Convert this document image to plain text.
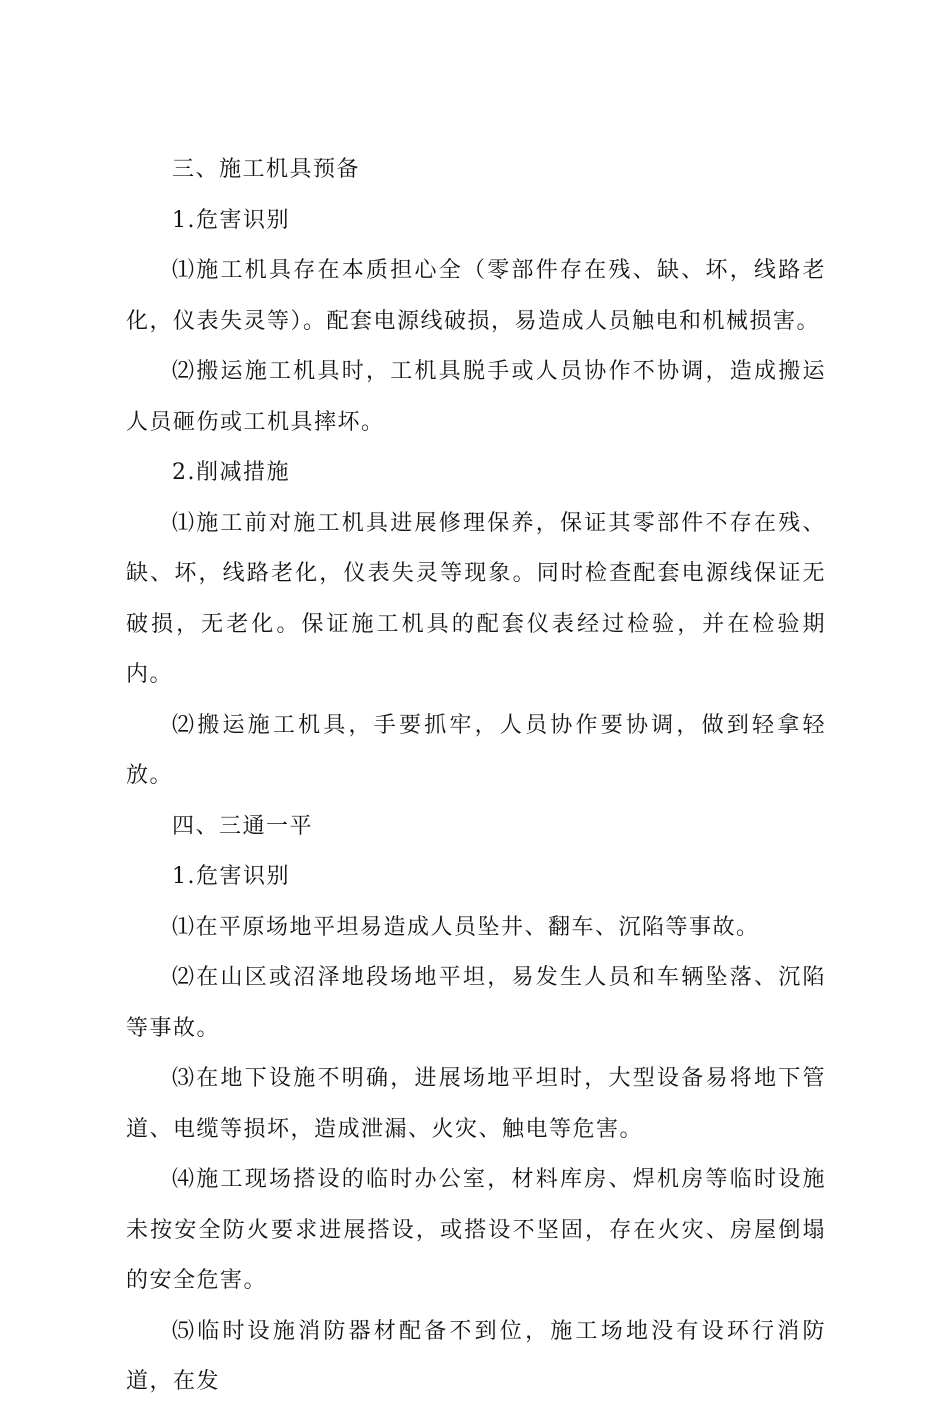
三、施工机具预备

1.危害识别

⑴施工机具存在本质担心全（零部件存在残、缺、坏，线路老化，仪表失灵等）。配套电源线破损，易造成人员触电和机械损害。

⑵搬运施工机具时，工机具脱手或人员协作不协调，造成搬运人员砸伤或工机具摔坏。

2.削减措施

⑴施工前对施工机具进展修理保养，保证其零部件不存在残、缺、坏，线路老化，仪表失灵等现象。同时检查配套电源线保证无破损，无老化。保证施工机具的配套仪表经过检验，并在检验期内。

⑵搬运施工机具，手要抓牢，人员协作要协调，做到轻拿轻放。

四、三通一平

1.危害识别

⑴在平原场地平坦易造成人员坠井、翻车、沉陷等事故。

⑵在山区或沼泽地段场地平坦，易发生人员和车辆坠落、沉陷等事故。

⑶在地下设施不明确，进展场地平坦时，大型设备易将地下管道、电缆等损坏，造成泄漏、火灾、触电等危害。

⑷施工现场搭设的临时办公室，材料库房、焊机房等临时设施未按安全防火要求进展搭设，或搭设不坚固，存在火灾、房屋倒塌的安全危害。

⑸临时设施消防器材配备不到位，施工场地没有设环行消防道，在发
